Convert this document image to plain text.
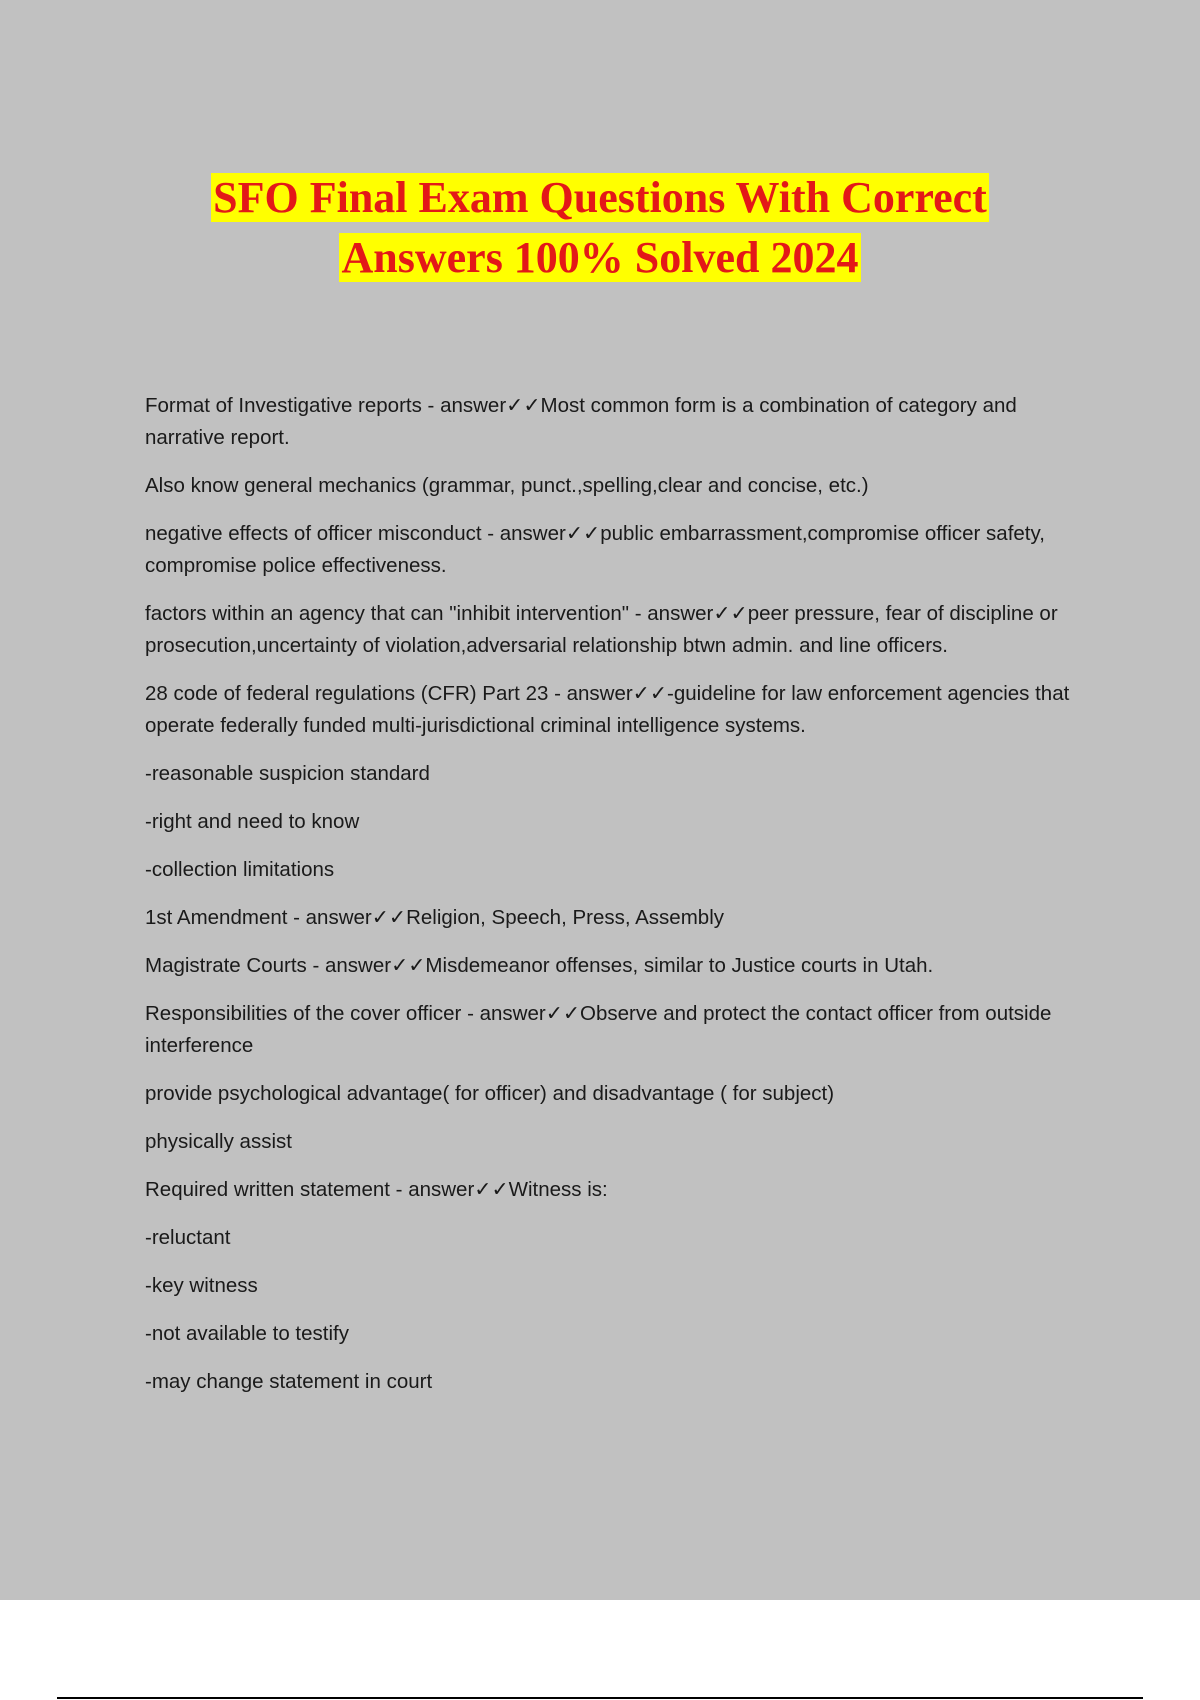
SFO Final Exam Questions With Correct
Answers 100% Solved 2024

Format of Investigative reports - answer✓✓Most common form is a combination of category and narrative report.

Also know general mechanics (grammar, punct.,spelling,clear and concise, etc.)

negative effects of officer misconduct - answer✓✓public embarrassment,compromise officer safety, compromise police effectiveness.

factors within an agency that can "inhibit intervention" - answer✓✓peer pressure, fear of discipline or prosecution,uncertainty of violation,adversarial relationship btwn admin. and line officers.

28 code of federal regulations (CFR) Part 23 - answer✓✓-guideline for law enforcement agencies that operate federally funded multi-jurisdictional criminal intelligence systems.

-reasonable suspicion standard

-right and need to know

-collection limitations

1st Amendment - answer✓✓Religion, Speech, Press, Assembly

Magistrate Courts - answer✓✓Misdemeanor offenses, similar to Justice courts in Utah.

Responsibilities of the cover officer - answer✓✓Observe and protect the contact officer from outside interference

provide psychological advantage( for officer) and disadvantage ( for subject)

physically assist

Required written statement - answer✓✓Witness is:

-reluctant

-key witness

-not available to testify

-may change statement in court
